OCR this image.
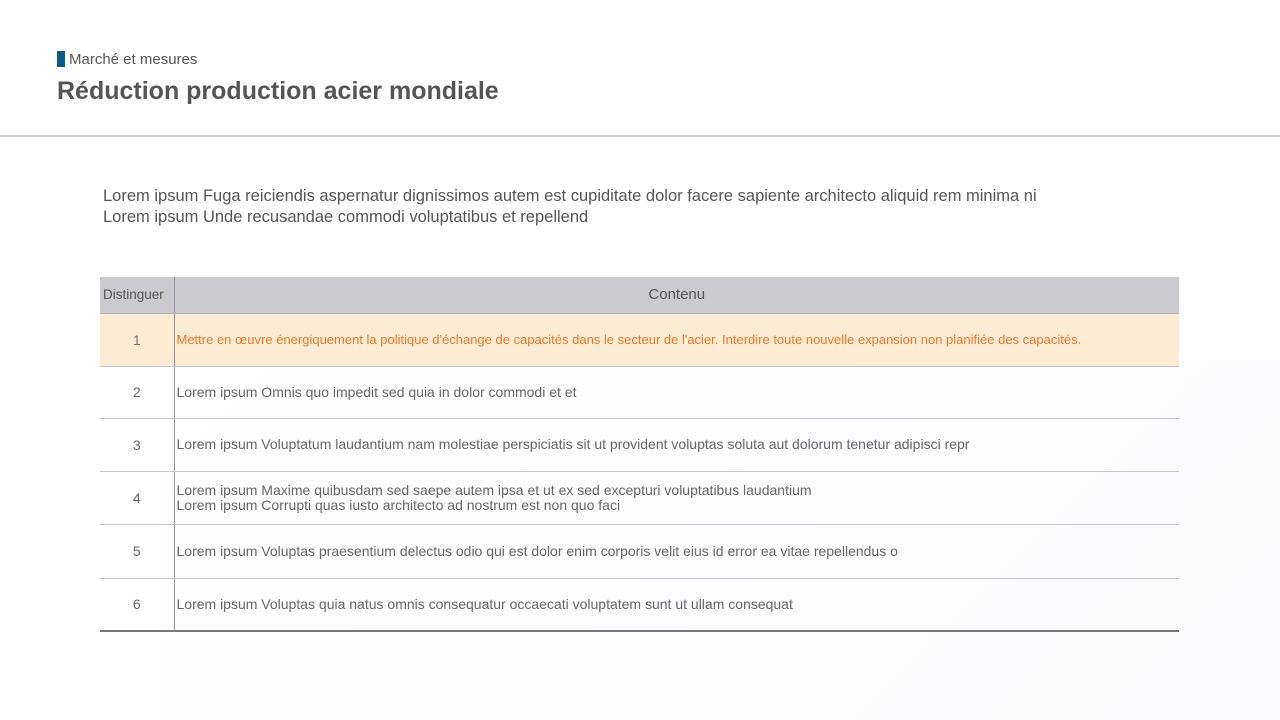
Marché et mesures
Réduction production acier mondiale
Lorem ipsum Fuga reiciendis aspernatur dignissimos autem est cupiditate dolor facere sapiente architecto aliquid rem minima ni
Lorem ipsum Unde recusandae commodi voluptatibus et repellend
Distinguer	Contenu
1	Mettre en œuvre énergiquement la politique d'échange de capacités dans le secteur de l'acier. Interdire toute nouvelle expansion non planifiée des capacités.

2	Lorem ipsum Omnis quo impedit sed quia in dolor commodi et et

3	Lorem ipsum Voluptatum laudantium nam molestiae perspiciatis sit ut provident voluptas soluta aut dolorum tenetur adipisci repr

4	Lorem ipsum Maxime quibusdam sed saepe autem ipsa et ut ex sed excepturi voluptatibus laudantium
Lorem ipsum Corrupti quas iusto architecto ad nostrum est non quo faci

5	Lorem ipsum Voluptas praesentium delectus odio qui est dolor enim corporis velit eius id error ea vitae repellendus o

6	Lorem ipsum Voluptas quia natus omnis consequatur occaecati voluptatem sunt ut ullam consequat
